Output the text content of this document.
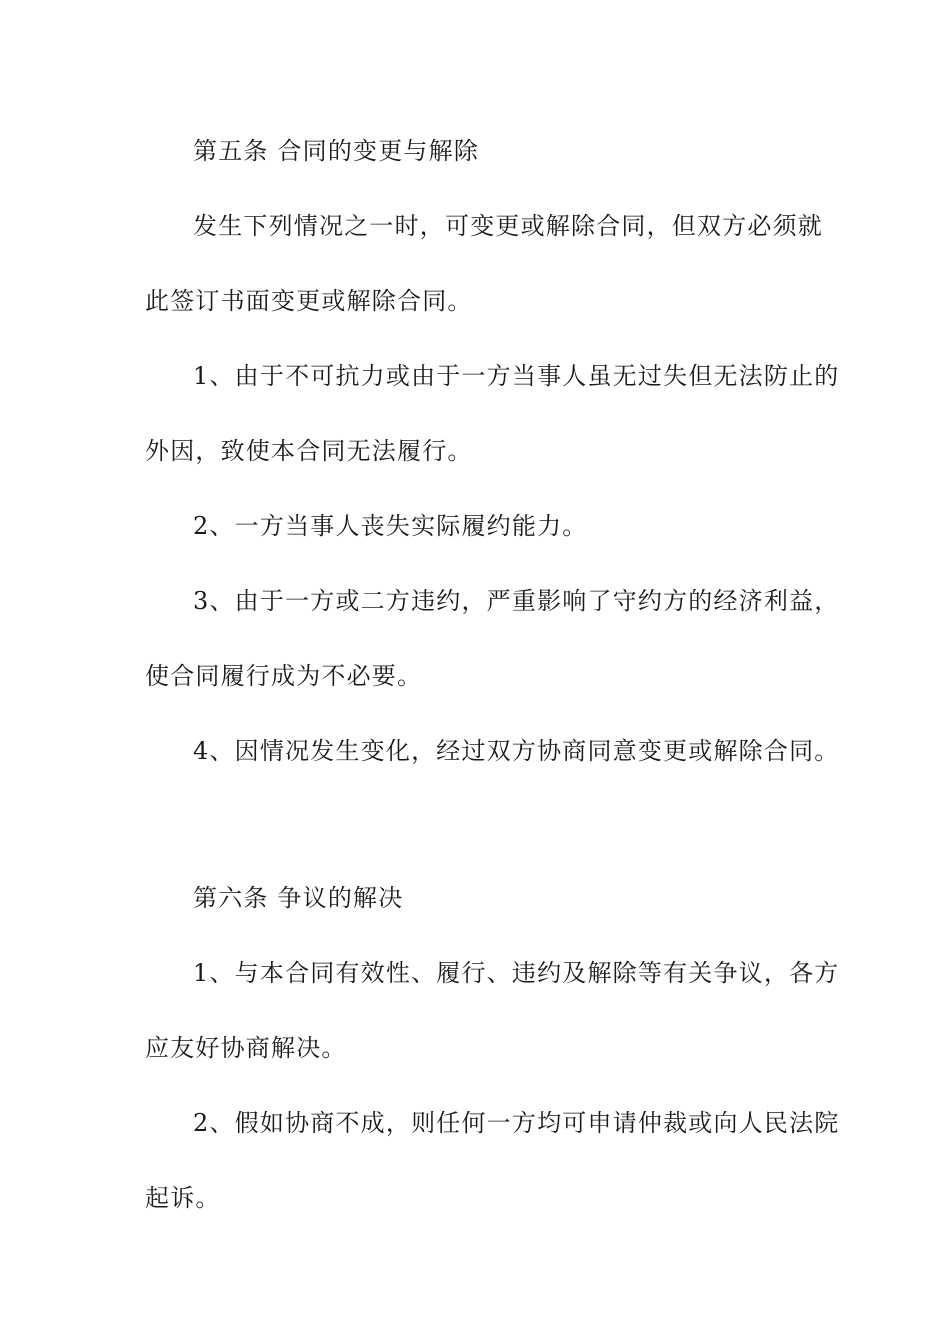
第五条 合同的变更与解除
发生下列情况之一时，可变更或解除合同，但双方必须就
此签订书面变更或解除合同。
1、由于不可抗力或由于一方当事人虽无过失但无法防止的
外因，致使本合同无法履行。
2、一方当事人丧失实际履约能力。
3、由于一方或二方违约，严重影响了守约方的经济利益，
使合同履行成为不必要。
4、因情况发生变化，经过双方协商同意变更或解除合同。
第六条 争议的解决
1、与本合同有效性、履行、违约及解除等有关争议，各方
应友好协商解决。
2、假如协商不成，则任何一方均可申请仲裁或向人民法院
起诉。
